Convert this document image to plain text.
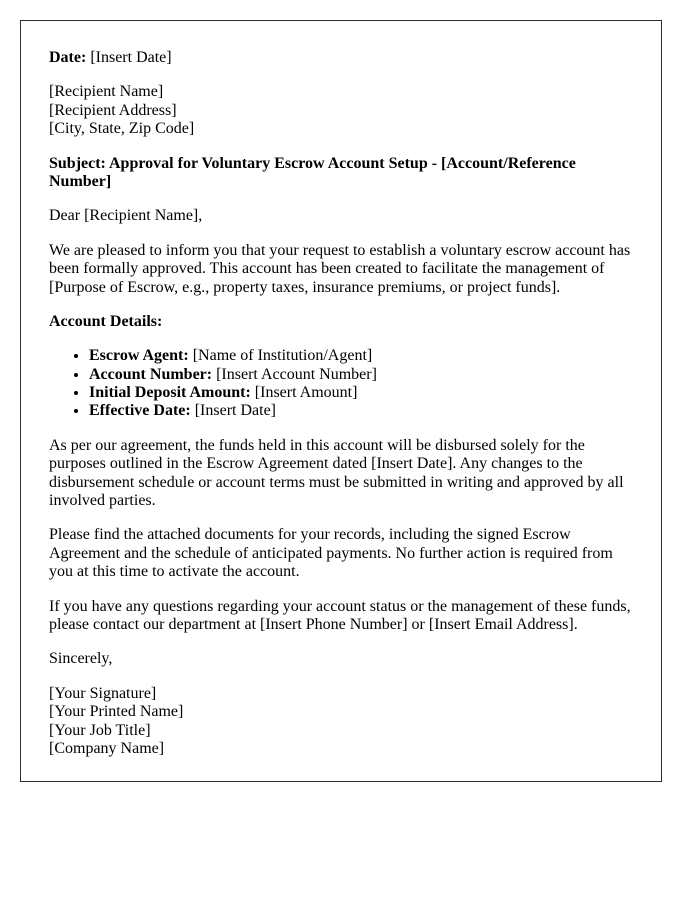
Date: [Insert Date]

[Recipient Name]
[Recipient Address]
[City, State, Zip Code]

Subject: Approval for Voluntary Escrow Account Setup - [Account/Reference Number]

Dear [Recipient Name],

We are pleased to inform you that your request to establish a voluntary escrow account has been formally approved. This account has been created to facilitate the management of [Purpose of Escrow, e.g., property taxes, insurance premiums, or project funds].

Account Details:

• Escrow Agent: [Name of Institution/Agent]
• Account Number: [Insert Account Number]
• Initial Deposit Amount: [Insert Amount]
• Effective Date: [Insert Date]

As per our agreement, the funds held in this account will be disbursed solely for the purposes outlined in the Escrow Agreement dated [Insert Date]. Any changes to the disbursement schedule or account terms must be submitted in writing and approved by all involved parties.

Please find the attached documents for your records, including the signed Escrow Agreement and the schedule of anticipated payments. No further action is required from you at this time to activate the account.

If you have any questions regarding your account status or the management of these funds, please contact our department at [Insert Phone Number] or [Insert Email Address].

Sincerely,

[Your Signature]
[Your Printed Name]
[Your Job Title]
[Company Name]
